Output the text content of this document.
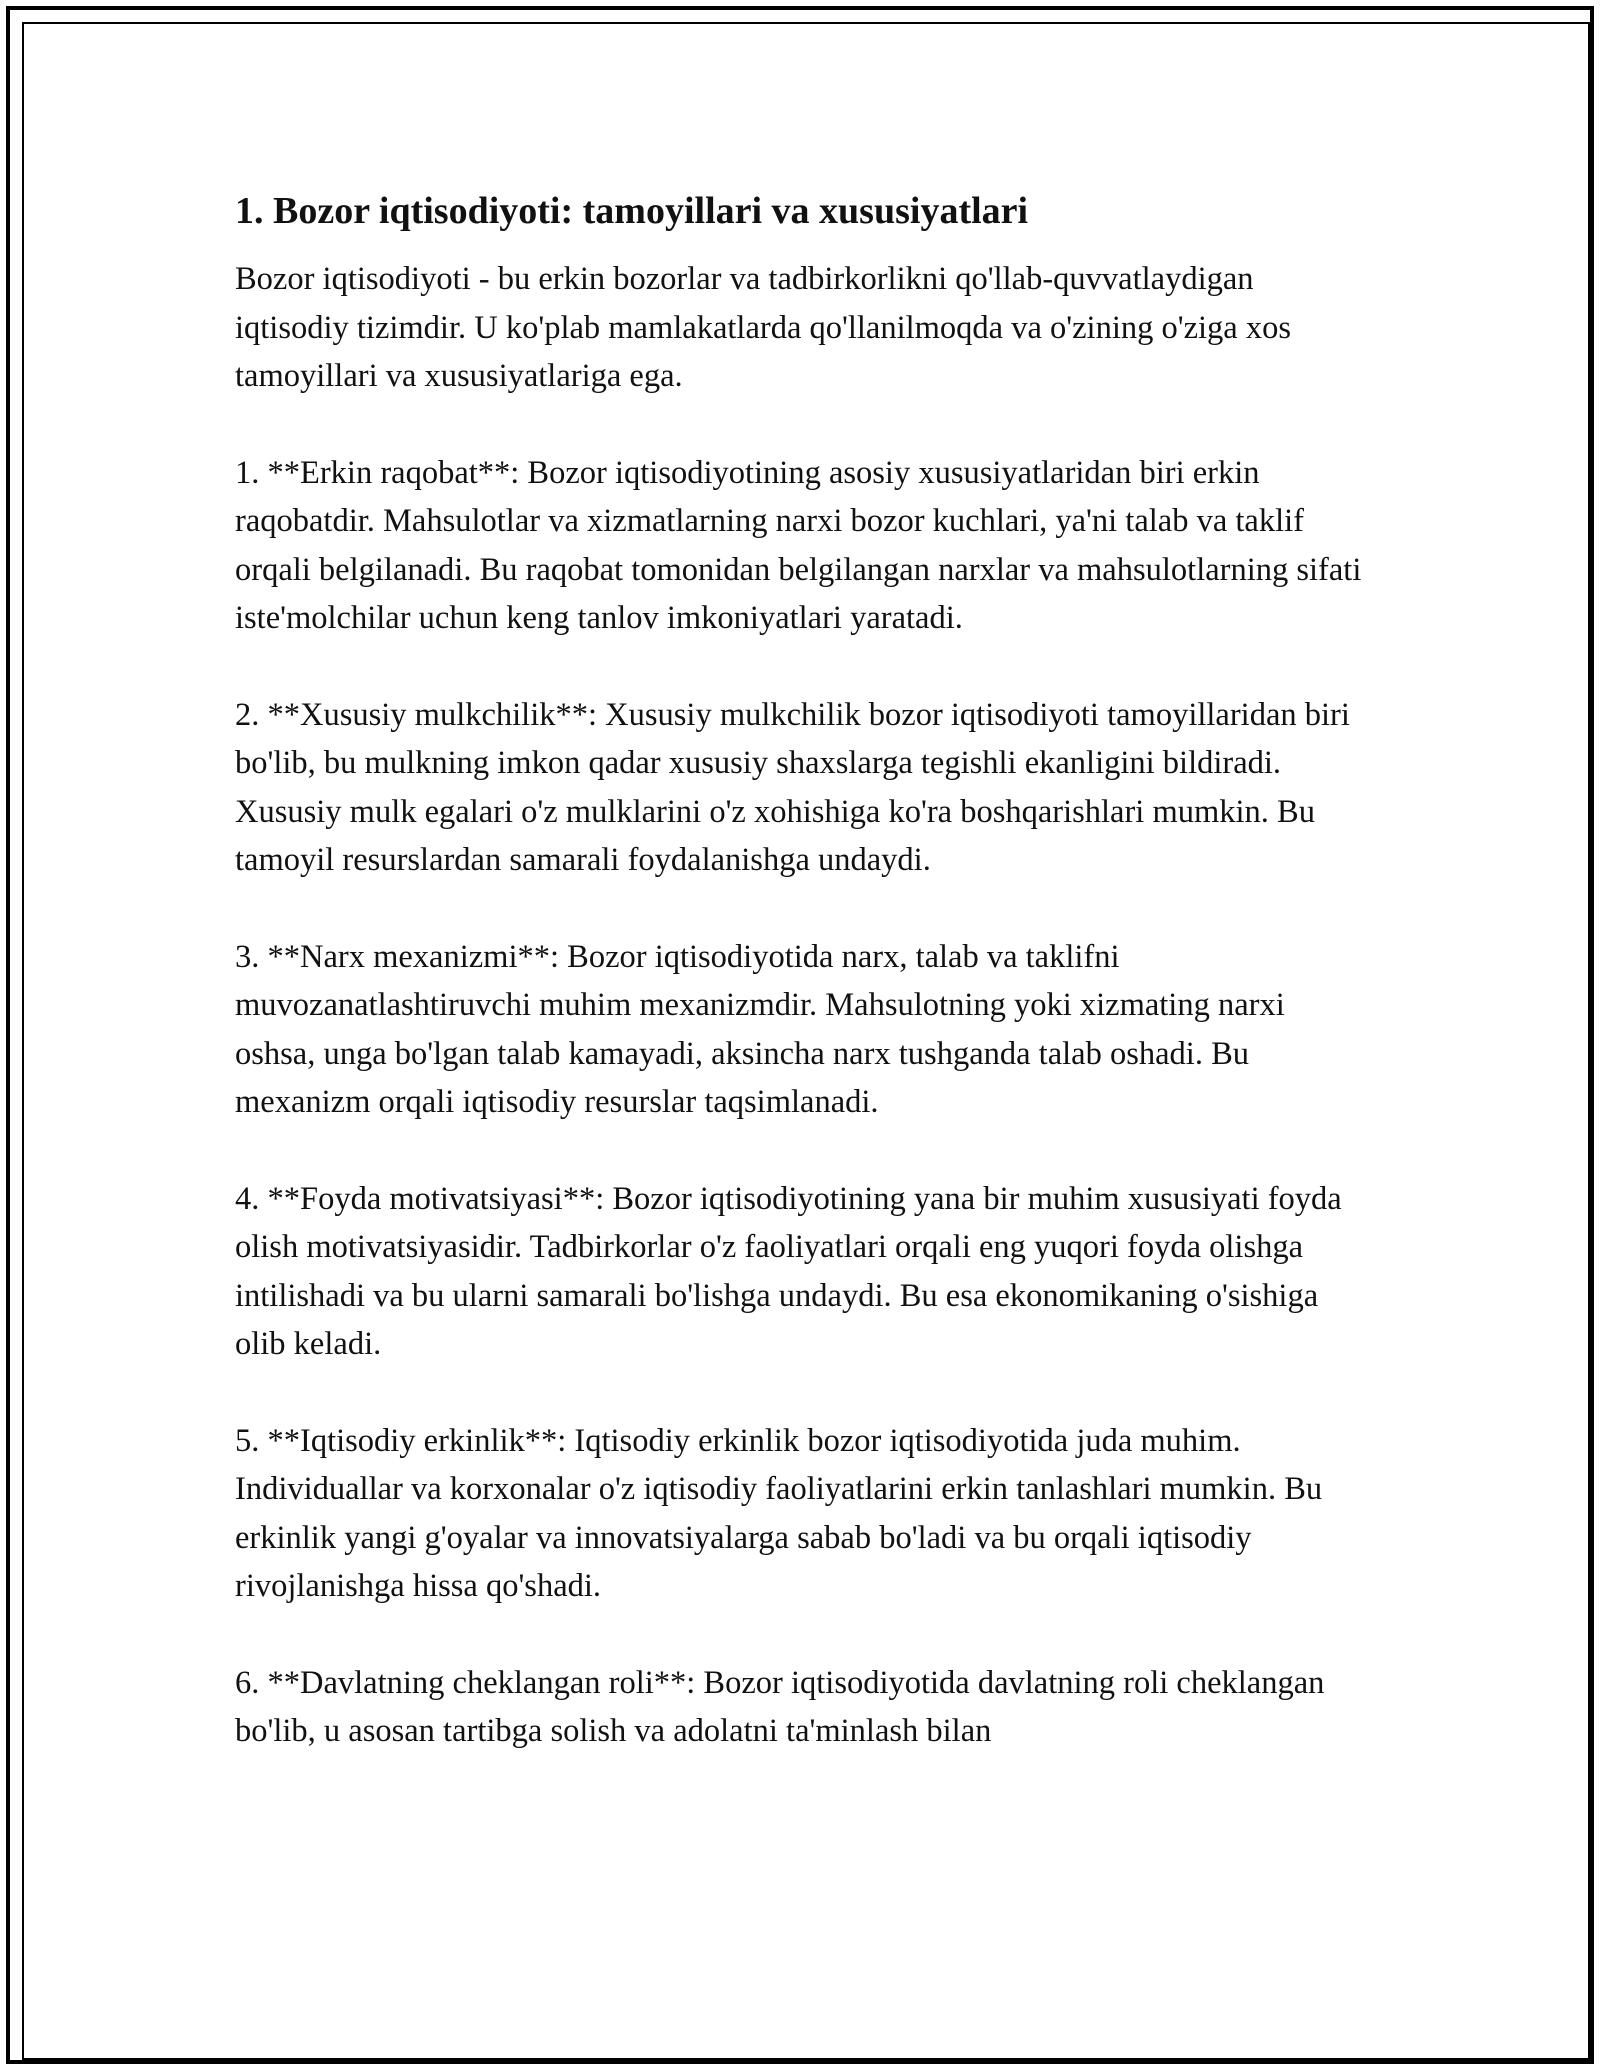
1. Bozor iqtisodiyoti: tamoyillari va xususiyatlari

Bozor iqtisodiyoti - bu erkin bozorlar va tadbirkorlikni qo'llab-quvvatlaydigan iqtisodiy tizimdir. U ko'plab mamlakatlarda qo'llanilmoqda va o'zining o'ziga xos tamoyillari va xususiyatlariga ega.

1. **Erkin raqobat**: Bozor iqtisodiyotining asosiy xususiyatlaridan biri erkin raqobatdir. Mahsulotlar va xizmatlarning narxi bozor kuchlari, ya'ni talab va taklif orqali belgilanadi. Bu raqobat tomonidan belgilangan narxlar va mahsulotlarning sifati iste'molchilar uchun keng tanlov imkoniyatlari yaratadi.

2. **Xususiy mulkchilik**: Xususiy mulkchilik bozor iqtisodiyoti tamoyillaridan biri bo'lib, bu mulkning imkon qadar xususiy shaxslarga tegishli ekanligini bildiradi. Xususiy mulk egalari o'z mulklarini o'z xohishiga ko'ra boshqarishlari mumkin. Bu tamoyil resurslardan samarali foydalanishga undaydi.

3. **Narx mexanizmi**: Bozor iqtisodiyotida narx, talab va taklifni muvozanatlashtiruvchi muhim mexanizmdir. Mahsulotning yoki xizmating narxi oshsa, unga bo'lgan talab kamayadi, aksincha narx tushganda talab oshadi. Bu mexanizm orqali iqtisodiy resurslar taqsimlanadi.

4. **Foyda motivatsiyasi**: Bozor iqtisodiyotining yana bir muhim xususiyati foyda olish motivatsiyasidir. Tadbirkorlar o'z faoliyatlari orqali eng yuqori foyda olishga intilishadi va bu ularni samarali bo'lishga undaydi. Bu esa ekonomikaning o'sishiga olib keladi.

5. **Iqtisodiy erkinlik**: Iqtisodiy erkinlik bozor iqtisodiyotida juda muhim. Individuallar va korxonalar o'z iqtisodiy faoliyatlarini erkin tanlashlari mumkin. Bu erkinlik yangi g'oyalar va innovatsiyalarga sabab bo'ladi va bu orqali iqtisodiy rivojlanishga hissa qo'shadi.

6. **Davlatning cheklangan roli**: Bozor iqtisodiyotida davlatning roli cheklangan bo'lib, u asosan tartibga solish va adolatni ta'minlash bilan
